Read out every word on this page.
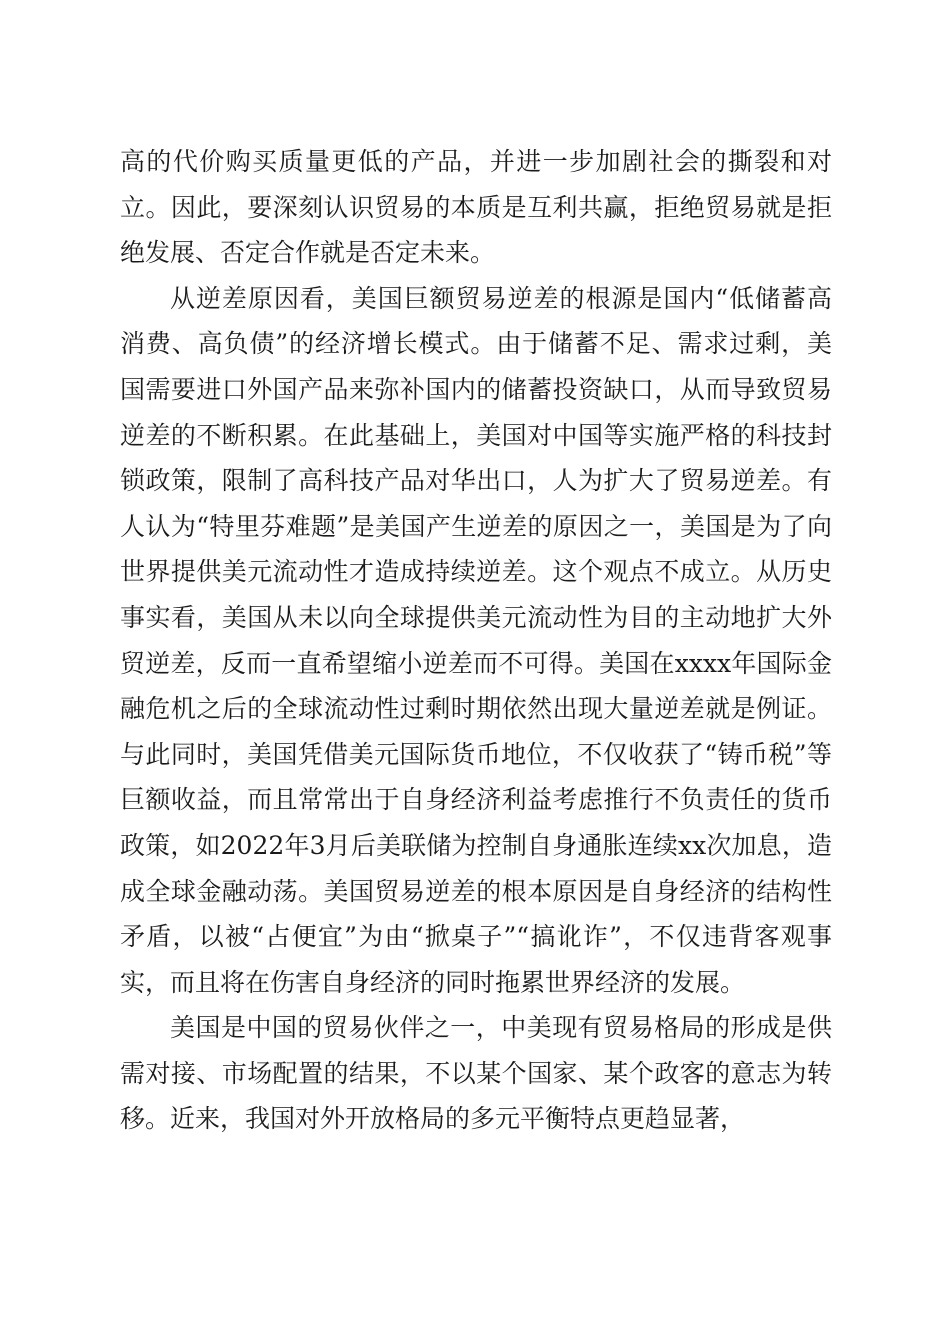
高的代价购买质量更低的产品，并进一步加剧社会的撕裂和对立。因此，要深刻认识贸易的本质是互利共赢，拒绝贸易就是拒绝发展、否定合作就是否定未来。

从逆差原因看，美国巨额贸易逆差的根源是国内“低储蓄高消费、高负债”的经济增长模式。由于储蓄不足、需求过剩，美国需要进口外国产品来弥补国内的储蓄投资缺口，从而导致贸易逆差的不断积累。在此基础上，美国对中国等实施严格的科技封锁政策，限制了高科技产品对华出口，人为扩大了贸易逆差。有人认为“特里芬难题”是美国产生逆差的原因之一，美国是为了向世界提供美元流动性才造成持续逆差。这个观点不成立。从历史事实看，美国从未以向全球提供美元流动性为目的主动地扩大外贸逆差，反而一直希望缩小逆差而不可得。美国在xxxx年国际金融危机之后的全球流动性过剩时期依然出现大量逆差就是例证。与此同时，美国凭借美元国际货币地位，不仅收获了“铸币税”等巨额收益，而且常常出于自身经济利益考虑推行不负责任的货币政策，如2022年3月后美联储为控制自身通胀连续xx次加息，造成全球金融动荡。美国贸易逆差的根本原因是自身经济的结构性矛盾，以被“占便宜”为由“掀桌子”“搞讹诈”，不仅违背客观事实，而且将在伤害自身经济的同时拖累世界经济的发展。

美国是中国的贸易伙伴之一，中美现有贸易格局的形成是供需对接、市场配置的结果，不以某个国家、某个政客的意志为转移。近来，我国对外开放格局的多元平衡特点更趋显著，
